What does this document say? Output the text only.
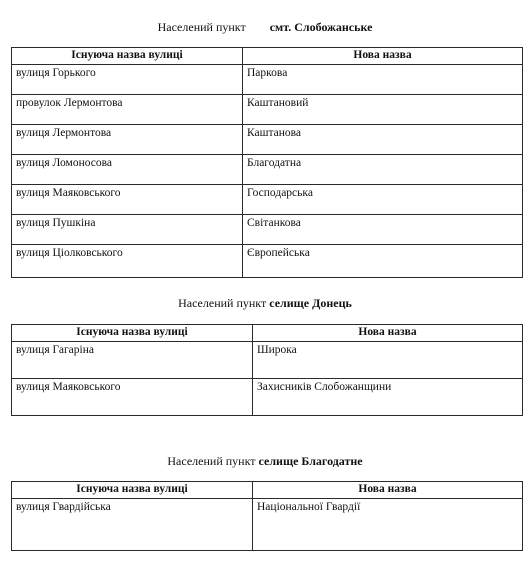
Населений пункт смт. Слобожанське
Існуюча назва вулиці	Нова назва
вулиця Горького	Паркова
провулок Лермонтова	Каштановий
вулиця Лермонтова	Каштанова
вулиця Ломоносова	Благодатна
вулиця Маяковського	Господарська
вулиця Пушкіна	Світанкова
вулиця Ціолковського	Європейська
Населений пункт селище Донець
Існуюча назва вулиці	Нова назва
вулиця Гагаріна	Широка
вулиця Маяковського	Захисників Слобожанщини
Населений пункт селище Благодатне
Існуюча назва вулиці	Нова назва
вулиця Гвардійська	Національної Гвардії
